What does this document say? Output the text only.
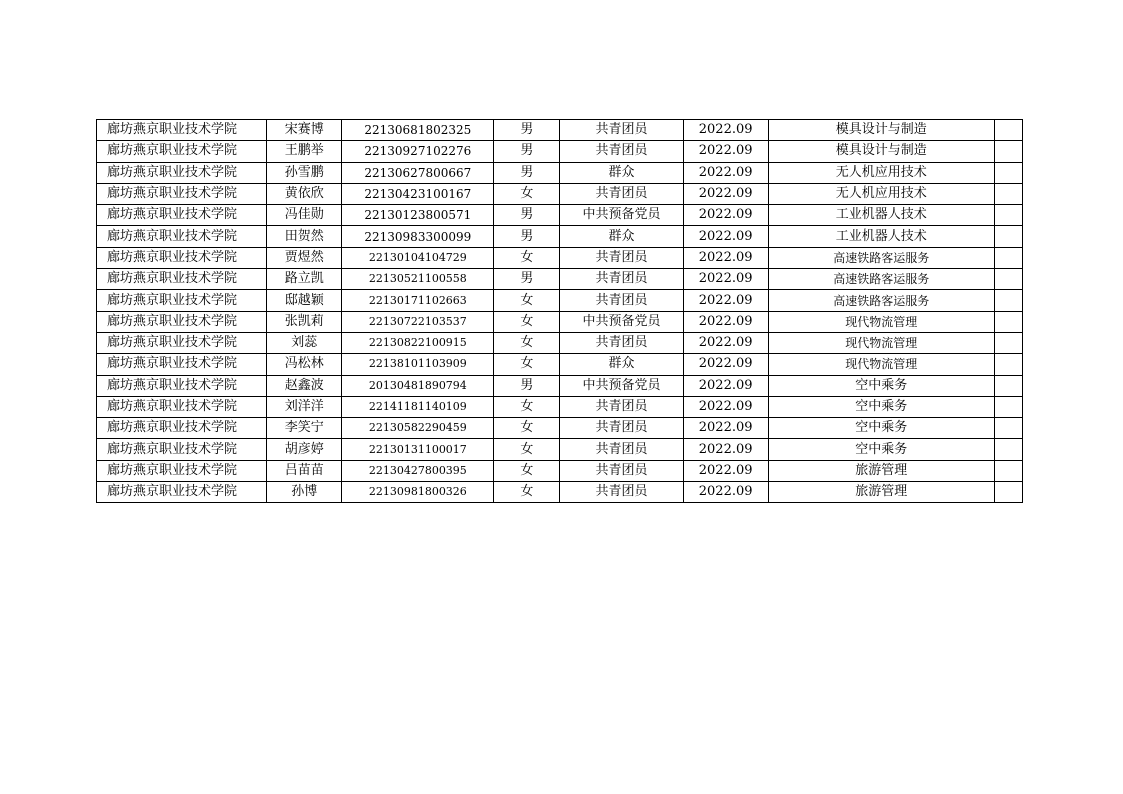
廊坊燕京职业技术学院	宋赛博	22130681802325	男	共青团员	2022.09	模具设计与制造	
廊坊燕京职业技术学院	王鹏举	22130927102276	男	共青团员	2022.09	模具设计与制造	
廊坊燕京职业技术学院	孙雪鹏	22130627800667	男	群众	2022.09	无人机应用技术	
廊坊燕京职业技术学院	黄依欣	22130423100167	女	共青团员	2022.09	无人机应用技术	
廊坊燕京职业技术学院	冯佳勋	22130123800571	男	中共预备党员	2022.09	工业机器人技术	
廊坊燕京职业技术学院	田贺然	22130983300099	男	群众	2022.09	工业机器人技术	
廊坊燕京职业技术学院	贾煜然	22130104104729	女	共青团员	2022.09	高速铁路客运服务	
廊坊燕京职业技术学院	路立凯	22130521100558	男	共青团员	2022.09	高速铁路客运服务	
廊坊燕京职业技术学院	邸越颖	22130171102663	女	共青团员	2022.09	高速铁路客运服务	
廊坊燕京职业技术学院	张凯莉	22130722103537	女	中共预备党员	2022.09	现代物流管理	
廊坊燕京职业技术学院	刘蕊	22130822100915	女	共青团员	2022.09	现代物流管理	
廊坊燕京职业技术学院	冯松林	22138101103909	女	群众	2022.09	现代物流管理	
廊坊燕京职业技术学院	赵鑫波	20130481890794	男	中共预备党员	2022.09	空中乘务	
廊坊燕京职业技术学院	刘洋洋	22141181140109	女	共青团员	2022.09	空中乘务	
廊坊燕京职业技术学院	李笑宁	22130582290459	女	共青团员	2022.09	空中乘务	
廊坊燕京职业技术学院	胡彦婷	22130131100017	女	共青团员	2022.09	空中乘务	
廊坊燕京职业技术学院	吕苗苗	22130427800395	女	共青团员	2022.09	旅游管理	
廊坊燕京职业技术学院	孙博	22130981800326	女	共青团员	2022.09	旅游管理	
